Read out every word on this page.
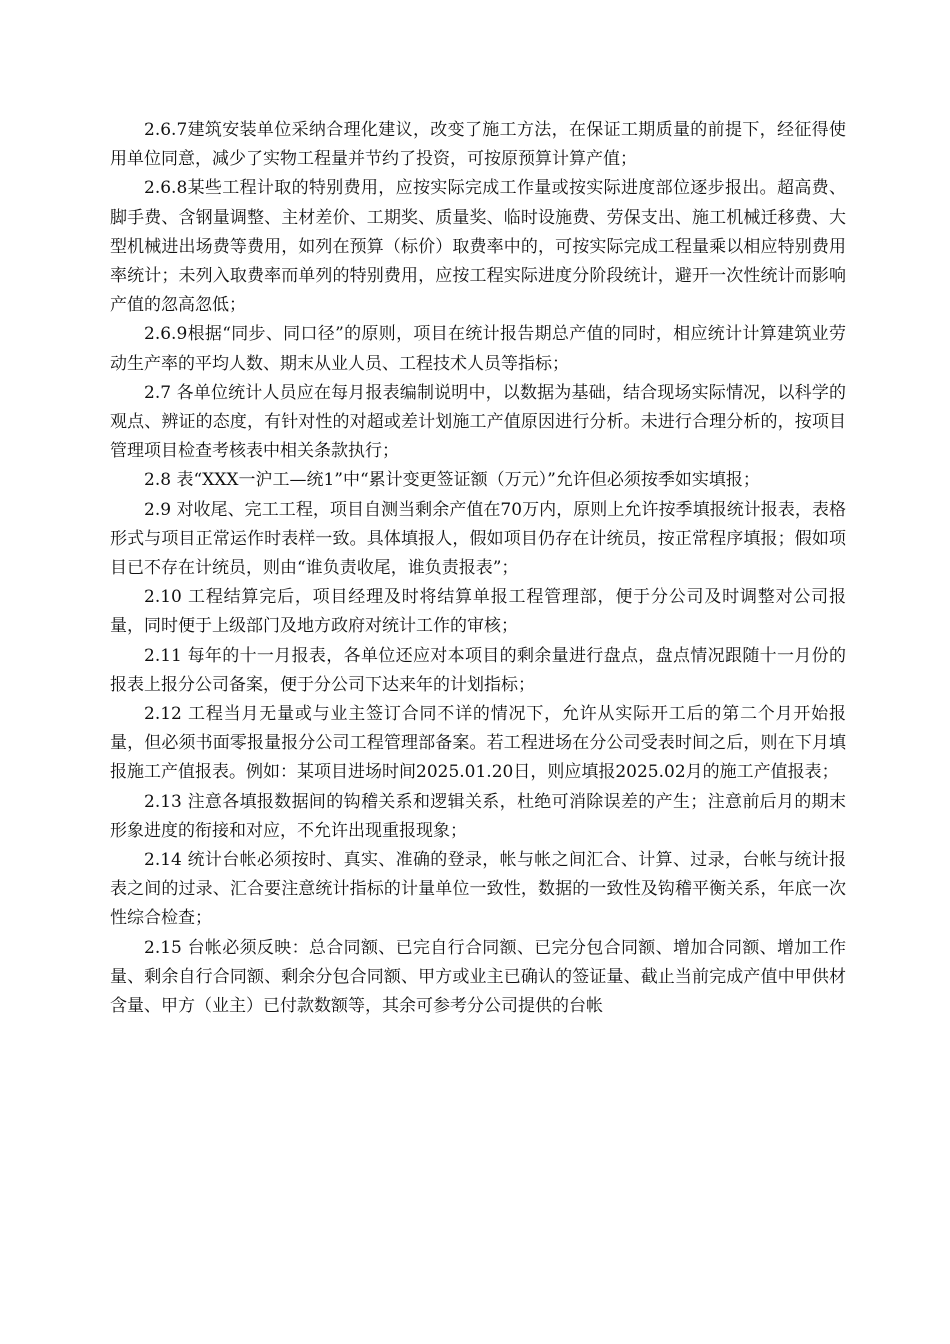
2.6.7建筑安装单位采纳合理化建议，改变了施工方法，在保证工期质量的前提下，经征得使用单位同意，减少了实物工程量并节约了投资，可按原预算计算产值；

2.6.8某些工程计取的特别费用，应按实际完成工作量或按实际进度部位逐步报出。超高费、脚手费、含钢量调整、主材差价、工期奖、质量奖、临时设施费、劳保支出、施工机械迁移费、大型机械进出场费等费用，如列在预算（标价）取费率中的，可按实际完成工程量乘以相应特别费用率统计；未列入取费率而单列的特别费用，应按工程实际进度分阶段统计，避开一次性统计而影响产值的忽高忽低；

2.6.9根据“同步、同口径”的原则，项目在统计报告期总产值的同时，相应统计计算建筑业劳动生产率的平均人数、期末从业人员、工程技术人员等指标；

2.7 各单位统计人员应在每月报表编制说明中，以数据为基础，结合现场实际情况，以科学的观点、辨证的态度，有针对性的对超或差计划施工产值原因进行分析。未进行合理分析的，按项目管理项目检查考核表中相关条款执行；

2.8 表“XXX一沪工—统1”中“累计变更签证额（万元）”允许但必须按季如实填报；

2.9 对收尾、完工工程，项目自测当剩余产值在70万内，原则上允许按季填报统计报表，表格形式与项目正常运作时表样一致。具体填报人，假如项目仍存在计统员，按正常程序填报；假如项目已不存在计统员，则由“谁负责收尾，谁负责报表”；

2.10 工程结算完后，项目经理及时将结算单报工程管理部，便于分公司及时调整对公司报量，同时便于上级部门及地方政府对统计工作的审核；

2.11 每年的十一月报表，各单位还应对本项目的剩余量进行盘点，盘点情况跟随十一月份的报表上报分公司备案，便于分公司下达来年的计划指标；

2.12 工程当月无量或与业主签订合同不详的情况下，允许从实际开工后的第二个月开始报量，但必须书面零报量报分公司工程管理部备案。若工程进场在分公司受表时间之后，则在下月填报施工产值报表。例如：某项目进场时间2025.01.20日，则应填报2025.02月的施工产值报表；

2.13 注意各填报数据间的钩稽关系和逻辑关系，杜绝可消除误差的产生；注意前后月的期末形象进度的衔接和对应，不允许出现重报现象；

2.14 统计台帐必须按时、真实、准确的登录，帐与帐之间汇合、计算、过录，台帐与统计报表之间的过录、汇合要注意统计指标的计量单位一致性，数据的一致性及钩稽平衡关系，年底一次性综合检查；

2.15 台帐必须反映：总合同额、已完自行合同额、已完分包合同额、增加合同额、增加工作量、剩余自行合同额、剩余分包合同额、甲方或业主已确认的签证量、截止当前完成产值中甲供材含量、甲方（业主）已付款数额等，其余可参考分公司提供的台帐
